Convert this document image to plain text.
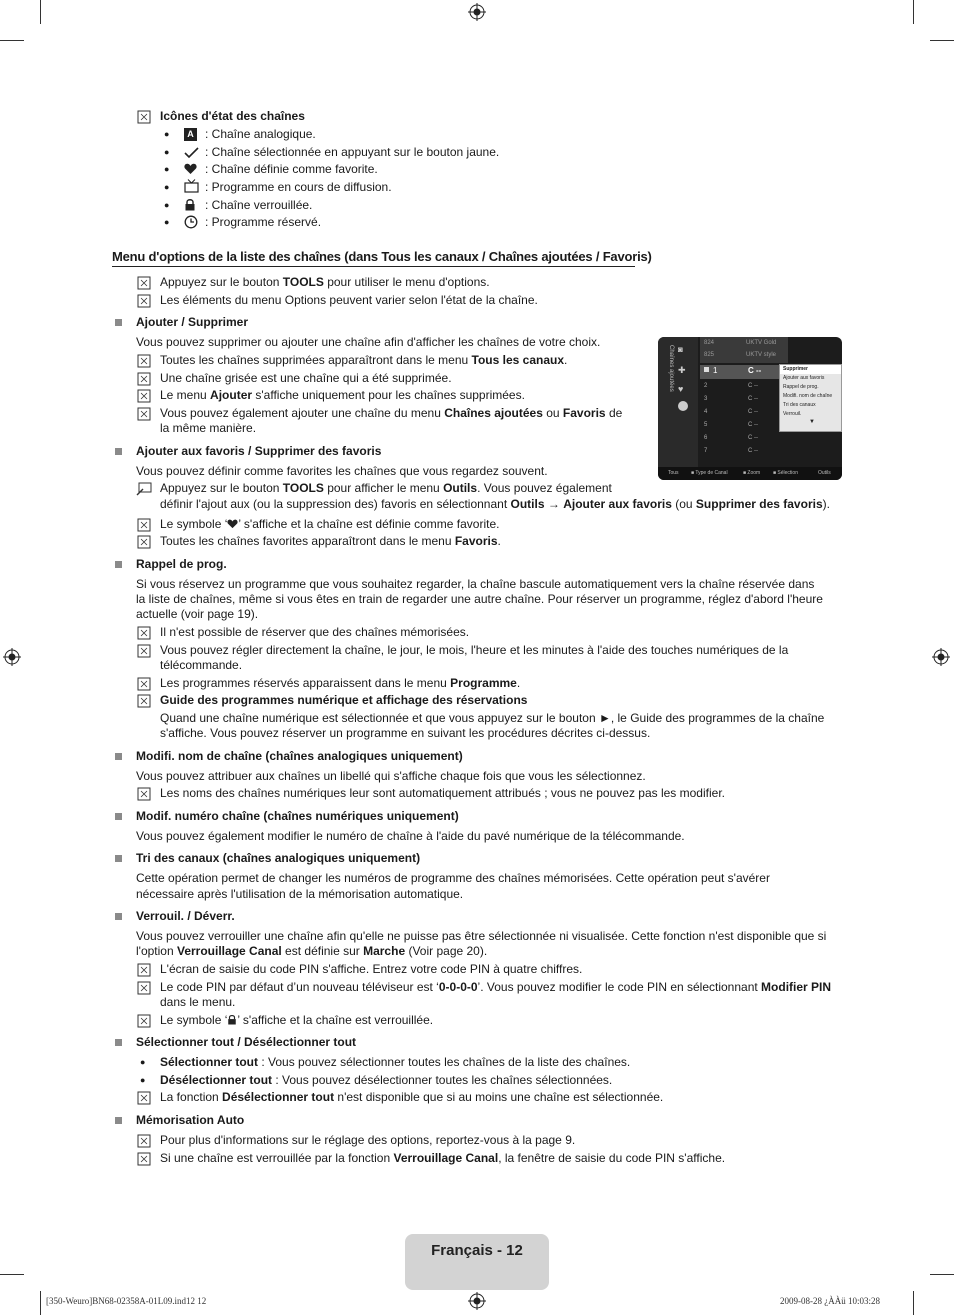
Icônes d'état des chaînes
●	A : Chaîne analogique.
●	: Chaîne sélectionnée en appuyant sur le bouton jaune.
●	: Chaîne définie comme favorite.
●	: Programme en cours de diffusion.
●	: Chaîne verrouillée.
●	: Programme réservé.
Menu d'options de la liste des chaînes (dans Tous les canaux / Chaînes ajoutées / Favoris)
Appuyez sur le bouton TOOLS pour utiliser le menu d'options.
Les éléments du menu Options peuvent varier selon l'état de la chaîne.
Ajouter / Supprimer
Vous pouvez supprimer ou ajouter une chaîne afin d'afficher les chaînes de votre choix.
Toutes les chaînes supprimées apparaîtront dans le menu Tous les canaux.
Une chaîne grisée est une chaîne qui a été supprimée.
Le menu Ajouter s'affiche uniquement pour les chaînes supprimées.
Vous pouvez également ajouter une chaîne du menu Chaînes ajoutées ou Favoris de
la même manière.
Chaînes ajoutées ◙
✚
♥
824	UKTV Gold
825	UKTV style
1	C --
2	C --
3	C --
4	C --
5	C --
6	C --
7	C --
Supprimer
Ajouter aux favoris
Rappel de prog.
Modifi. nom de chaîne
Tri des canaux
Verrouil.
▼
Tous ■ Type de Canal	■ Zoom	■ Sélection	Outils
Ajouter aux favoris / Supprimer des favoris
Vous pouvez définir comme favorites les chaînes que vous regardez souvent.
Appuyez sur le bouton TOOLS pour afficher le menu Outils. Vous pouvez également
définir l'ajout aux (ou la suppression des) favoris en sélectionnant Outils → Ajouter aux favoris (ou Supprimer des favoris).
Le symbole ‘ ’ s'affiche et la chaîne est définie comme favorite.
Toutes les chaînes favorites apparaîtront dans le menu Favoris.
Rappel de prog.
Si vous réservez un programme que vous souhaitez regarder, la chaîne bascule automatiquement vers la chaîne réservée dans
la liste de chaînes, même si vous êtes en train de regarder une autre chaîne. Pour réserver un programme, réglez d'abord l'heure
actuelle (voir page 19).
Il n'est possible de réserver que des chaînes mémorisées.
Vous pouvez régler directement la chaîne, le jour, le mois, l'heure et les minutes à l'aide des touches numériques de la
télécommande.
Les programmes réservés apparaissent dans le menu Programme.
Guide des programmes numérique et affichage des réservations
Quand une chaîne numérique est sélectionnée et que vous appuyez sur le bouton ►, le Guide des programmes de la chaîne
s'affiche. Vous pouvez réserver un programme en suivant les procédures décrites ci-dessus.
Modifi. nom de chaîne (chaînes analogiques uniquement)
Vous pouvez attribuer aux chaînes un libellé qui s'affiche chaque fois que vous les sélectionnez.
Les noms des chaînes numériques leur sont automatiquement attribués ; vous ne pouvez pas les modifier.
Modif. numéro chaîne (chaînes numériques uniquement)
Vous pouvez également modifier le numéro de chaîne à l'aide du pavé numérique de la télécommande.
Tri des canaux (chaînes analogiques uniquement)
Cette opération permet de changer les numéros de programme des chaînes mémorisées. Cette opération peut s'avérer
nécessaire après l'utilisation de la mémorisation automatique.
Verrouil. / Déverr.
Vous pouvez verrouiller une chaîne afin qu'elle ne puisse pas être sélectionnée ni visualisée. Cette fonction n'est disponible que si
l'option Verrouillage Canal est définie sur Marche (Voir page 20).
L'écran de saisie du code PIN s'affiche. Entrez votre code PIN à quatre chiffres.
Le code PIN par défaut d’un nouveau téléviseur est ‘0-0-0-0’. Vous pouvez modifier le code PIN en sélectionnant Modifier PIN
dans le menu.
Le symbole ‘ ’ s'affiche et la chaîne est verrouillée.
Sélectionner tout / Désélectionner tout
● Sélectionner tout : Vous pouvez sélectionner toutes les chaînes de la liste des chaînes.
● Désélectionner tout : Vous pouvez désélectionner toutes les chaînes sélectionnées.
La fonction Désélectionner tout n'est disponible que si au moins une chaîne est sélectionnée.
Mémorisation Auto
Pour plus d'informations sur le réglage des options, reportez-vous à la page 9.
Si une chaîne est verrouillée par la fonction Verrouillage Canal, la fenêtre de saisie du code PIN s'affiche.
Français - 12
[350-Weuro]BN68-02358A-01L09.ind12 12	2009-08-28 ¿ÀÀü 10:03:28
